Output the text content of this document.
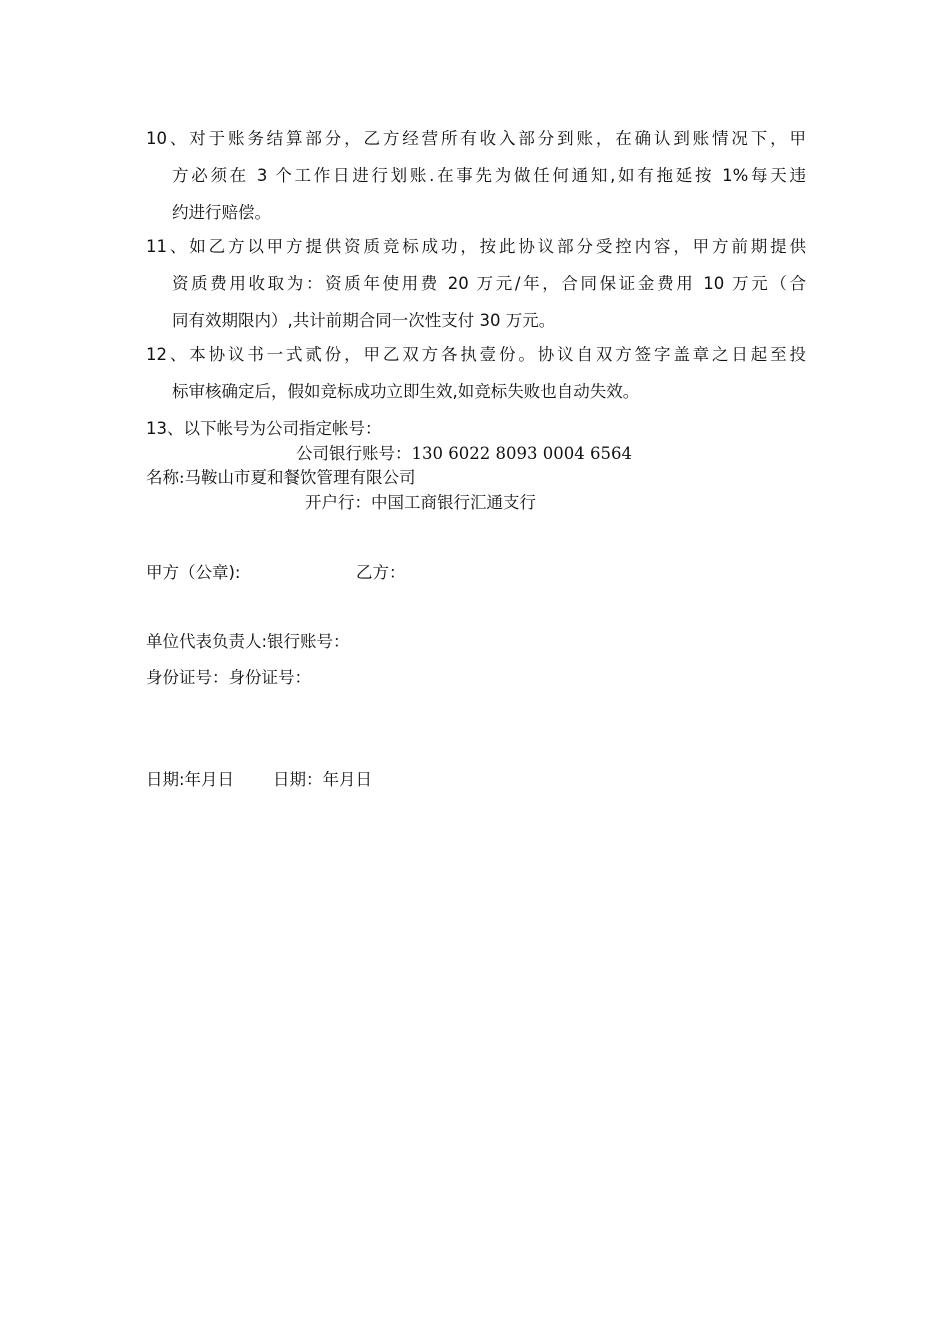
10、对于账务结算部分，乙方经营所有收入部分到账，在确认到账情况下，甲
方必须在 3 个工作日进行划账.在事先为做任何通知,如有拖延按 1%每天违
约进行赔偿。
11、如乙方以甲方提供资质竞标成功，按此协议部分受控内容，甲方前期提供
资质费用收取为：资质年使用费 20 万元/年，合同保证金费用 10 万元（合
同有效期限内）,共计前期合同一次性支付 30 万元。
12、本协议书一式贰份，甲乙双方各执壹份。协议自双方签字盖章之日起至投
标审核确定后，假如竞标成功立即生效,如竞标失败也自动失效。
13、以下帐号为公司指定帐号：
公司银行账号：130 6022 8093 0004 6564
名称:马鞍山市夏和餐饮管理有限公司
开户行：中国工商银行汇通支行
甲方（公章):	乙方：
单位代表负责人:银行账号：
身份证号：身份证号：
日期:年月日 日期：年月日
